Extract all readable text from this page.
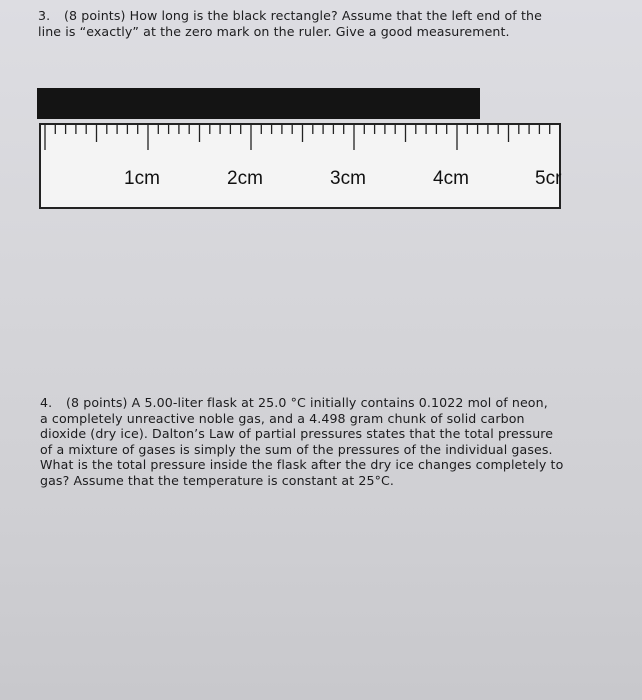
3. (8 points) How long is the black rectangle? Assume that the left end of the
line is “exactly” at the zero mark on the ruler. Give a good measurement.
1cm	2cm	3cm	4cm	5cr
4. (8 points) A 5.00-liter flask at 25.0 °C initially contains 0.1022 mol of neon,
a completely unreactive noble gas, and a 4.498 gram chunk of solid carbon
dioxide (dry ice). Dalton’s Law of partial pressures states that the total pressure
of a mixture of gases is simply the sum of the pressures of the individual gases.
What is the total pressure inside the flask after the dry ice changes completely to
gas? Assume that the temperature is constant at 25°C.
